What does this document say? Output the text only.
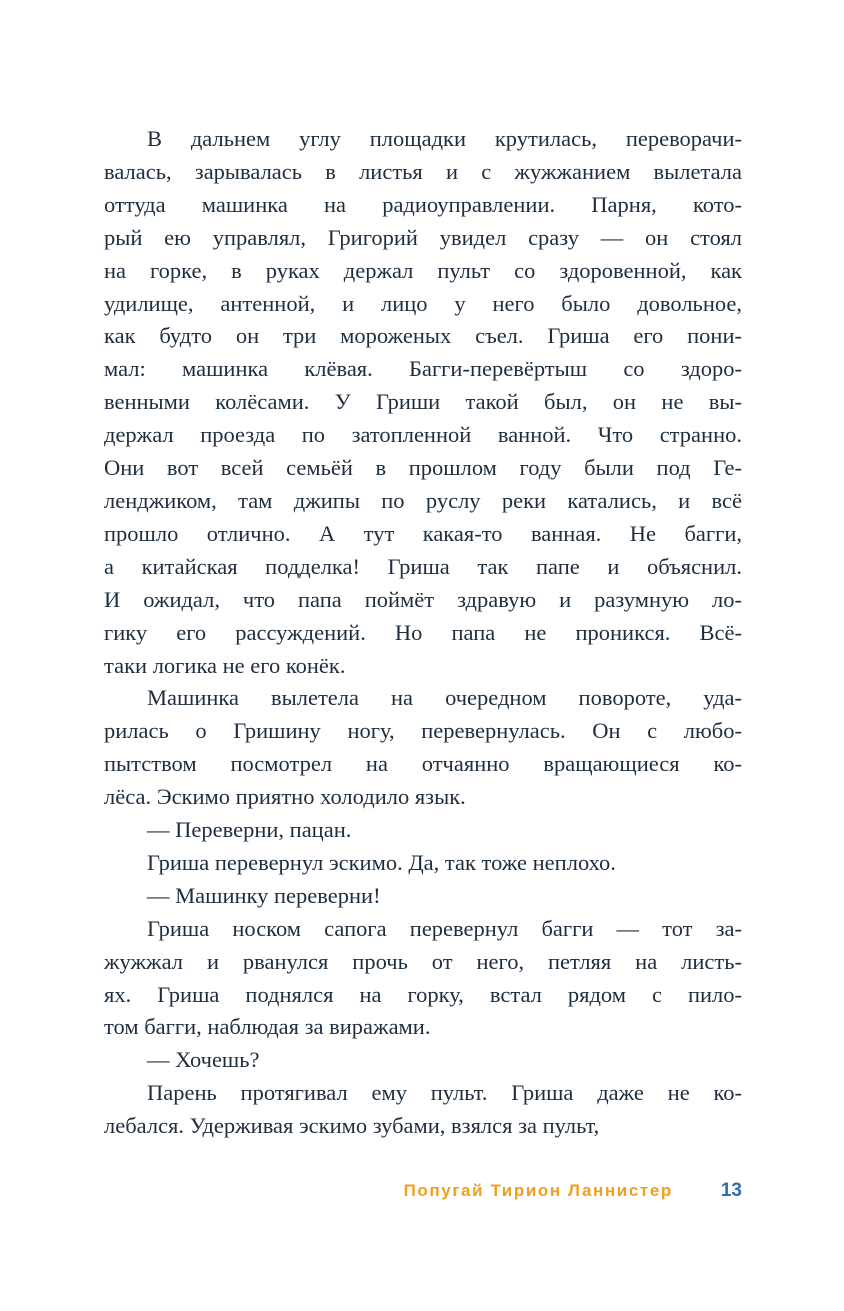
В дальнем углу площадки крутилась, переворачи-
валась, зарывалась в листья и с жужжанием вылетала
оттуда машинка на радиоуправлении. Парня, кото-
рый ею управлял, Григорий увидел сразу — он стоял
на горке, в руках держал пульт со здоровенной, как
удилище, антенной, и лицо у него было довольное,
как будто он три мороженых съел. Гриша его пони-
мал: машинка клёвая. Багги-перевёртыш со здоро-
венными колёсами. У Гриши такой был, он не вы-
держал проезда по затопленной ванной. Что странно.
Они вот всей семьёй в прошлом году были под Ге-
ленджиком, там джипы по руслу реки катались, и всё
прошло отлично. А тут какая-то ванная. Не багги,
а китайская подделка! Гриша так папе и объяснил.
И ожидал, что папа поймёт здравую и разумную ло-
гику его рассуждений. Но папа не проникся. Всё-
таки логика не его конёк.
Машинка вылетела на очередном повороте, уда-
рилась о Гришину ногу, перевернулась. Он с любо-
пытством посмотрел на отчаянно вращающиеся ко-
лёса. Эскимо приятно холодило язык.
— Переверни, пацан.
Гриша перевернул эскимо. Да, так тоже неплохо.
— Машинку переверни!
Гриша носком сапога перевернул багги — тот за-
жужжал и рванулся прочь от него, петляя на листь-
ях. Гриша поднялся на горку, встал рядом с пило-
том багги, наблюдая за виражами.
— Хочешь?
Парень протягивал ему пульт. Гриша даже не ко-
лебался. Удерживая эскимо зубами, взялся за пульт,
Попугай Тирион Ланнистер	13
